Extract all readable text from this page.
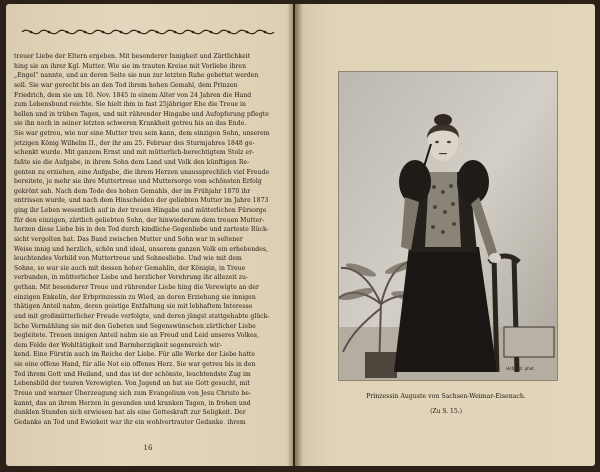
treuer Liebe der Eltern ergeben. Mit besonderer Innigkeit und Zärtlichkeit
hing sie an ihrer Kgl. Mutter. Wie sie im trauten Kreise mit Vorliebe ihren
„Engel“ nannte, und an deren Seite sie nun zur letzten Ruhe gebettet werden
soll. Sie war gerecht bis an den Tod ihrem hohen Gemahl, dem Prinzen
Friedrich, dem sie am 10. Nov. 1845 in einem Alter von 24 Jahren die Hand
zum Lebensbund reichte. Sie hielt ihm in fast 25jähriger Ehe die Treue in
hellen und in trüben Tagen, und mit rührender Hingabe und Aufopferung pflegte
sie ihn noch in seiner letzten schweren Krankheit getreu bis an das Ende.
Sie war getreu, wie nur eine Mutter treu sein kann, dem einzigen Sohn, unserem
jetzigen König Wilhelm II., der ihr am 25. Februar des Sturmjahres 1848 ge-
schenkt wurde. Mit ganzem Ernst und mit mütterlich-berechtigtem Stolz er-
faßte sie die Aufgabe, in ihrem Sohn dem Land und Volk den künftigen Re-
genten zu erziehen, eine Aufgabe, die ihrem Herzen unaussprechlich viel Freude
bereitete, je mehr sie ihre Muttertreue und Muttersorge vom schönsten Erfolg
gekrönt sah. Nach dem Tode des hohen Gemahls, der im Frühjahr 1870 ihr
entrissen wurde, und nach dem Hinscheiden der geliebten Mutter im Jahre 1873
ging ihr Leben wesentlich auf in der treuen Hingabe und mütterlichen Fürsorge
für den einzigen, zärtlich geliebten Sohn, der hinwiederum dem treuen Mutter-
herzen diese Liebe bis in den Tod durch kindliche Gegenliebe und zarteste Rück-
sicht vergolten hat. Das Band zwischen Mutter und Sohn war in seltener
Weise innig und herzlich, schön und ideal, unserem ganzen Volk ein erhebendes,
leuchtendes Vorbild von Muttertreue und Sohnesliebe. Und wie mit dem
Sohne, so war sie auch mit dessen hoher Gemahlin, der Königin, in Treue
verbunden, in mütterlicher Liebe und herzlicher Verehrung ihr allezeit zu-
gethan. Mit besonderer Treue und rührender Liebe hing die Verewigte an der
einzigen Enkelin, der Erbprinzessin zu Wied, an deren Erziehung sie innigen
thätigen Anteil nahm, deren geistige Entfaltung sie mit lebhaftem Interesse
und mit großmütterlicher Freude verfolgte, und deren jüngst stattgehabte glück-
liche Vermählung sie mit den Gebeten und Segenswünschen zärtlicher Liebe
begleitete. Treuen innigen Anteil nahm sie an Freud und Leid unseres Volkes,
dem Felde der Wohltätigkeit und Barmherzigkeit segensreich wir-
kend. Eine Fürstin auch im Reiche der Liebe. Für alle Werke der Liebe hatte
sie eine offene Hand, für alle Not ein offenes Herz. Sie war getreu bis in den
Tod ihrem Gott und Heiland, und das ist der schönste, leuchtendste Zug im
Lebensbild der teuren Verewigten. Von Jugend an hat sie Gott gesucht, mit
Treue und warmer Überzeugung sich zum Evangelium von Jesu Christo be-
kannt, das an ihrem Herzen in gesunden und kranken Tagen, in frohen und
dunklen Stunden sich erwiesen hat als eine Gotteskraft zur Seligkeit. Der
Gedanke an Tod und Ewigkeit war ihr ein wohlvertrauter Gedanke, ihrem
16
Hofphot. phot.
Prinzessin Auguste von Sachsen-Weimar-Eisenach.
(Zu S. 15.)
